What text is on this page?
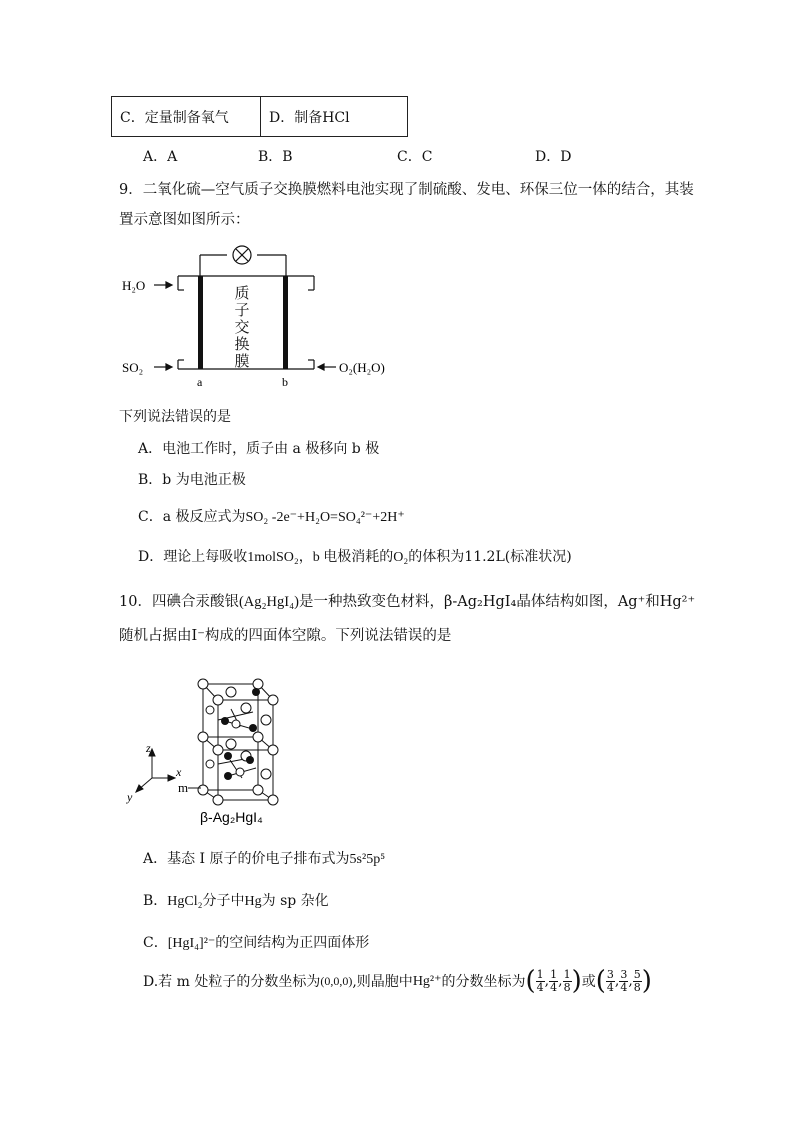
C．定量制备氧气	D．制备HCl
A．A	B．B	C．C	D．D
9．二氧化硫—空气质子交换膜燃料电池实现了制硫酸、发电、环保三位一体的结合，其装
置示意图如图所示：
质
子
交
换
膜
H₂O
SO₂	O₂(H₂O)
a	b
下列说法错误的是
A．电池工作时，质子由 a 极移向 b 极
B．b 为电池正极
C．a 极反应式为SO₂ -2e⁻+H₂O=SO₄²⁻+2H⁺
D．理论上每吸收1molSO₂，b 电极消耗的O₂的体积为11.2L(标准状况)
10．四碘合汞酸银(Ag₂HgI₄)是一种热致变色材料，β-Ag₂HgI₄晶体结构如图，Ag⁺和Hg²⁺
随机占据由I⁻构成的四面体空隙。下列说法错误的是
z
x
y
m
β-Ag₂HgI₄
A．基态 I 原子的价电子排布式为5s²5p⁵
B．HgCl₂分子中Hg为 sp 杂化
C．[HgI₄]²⁻的空间结构为正四面体形
D.若 m 处粒子的分数坐标为 (0,0,0) ,则晶胞中 Hg²⁺ 的分数坐标为 ( $\frac{1}{4}$ , $\frac{1}{4}$ , $\frac{1}{8}$ ) 或 ( $\frac{3}{4}$ , $\frac{3}{4}$ , $\frac{5}{8}$ )
